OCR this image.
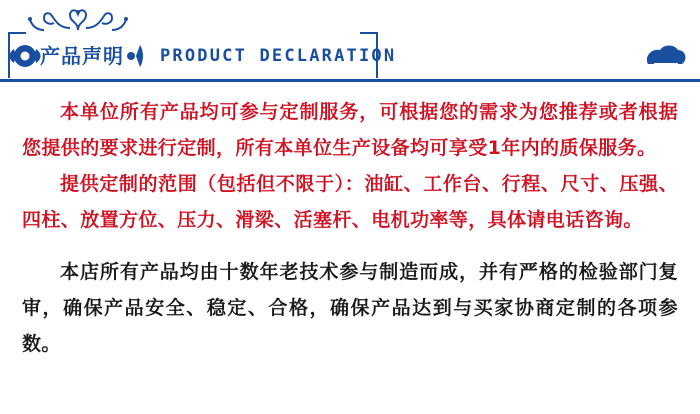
产品声明 PRODUCT DECLARATION

本单位所有产品均可参与定制服务，可根据您的需求为您推荐或者根据您提供的要求进行定制，所有本单位生产设备均可享受1年内的质保服务。

提供定制的范围（包括但不限于）：油缸、工作台、行程、尺寸、压强、四柱、放置方位、压力、滑梁、活塞杆、电机功率等，具体请电话咨询。

本店所有产品均由十数年老技术参与制造而成，并有严格的检验部门复审，确保产品安全、稳定、合格，确保产品达到与买家协商定制的各项参数。
